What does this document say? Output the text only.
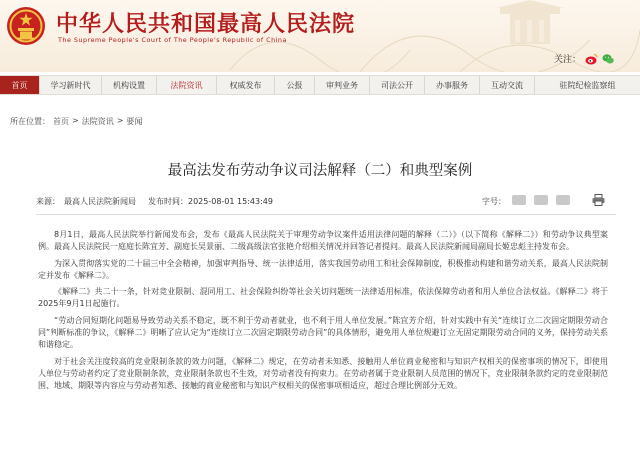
中华人民共和国最高人民法院
The Supreme People's Court of The People's Republic of China
关注：
首页	学习新时代	机构设置	法院资讯	权威发布	公报	审判业务	司法公开	办事服务	互动交流	驻院纪检监察组
所在位置： 首页 > 法院资讯 > 要闻
最高法发布劳动争议司法解释（二）和典型案例
来源：　最高人民法院新闻局 发布时间：2025-08-01 15:43:49	字号：

8月1日，最高人民法院举行新闻发布会，发布《最高人民法院关于审理劳动争议案件适用法律问题的解释（二）》（以下简称《解释二》）和劳动争议典型案例。最高人民法院民一庭庭长陈宜芳、副庭长吴景丽、二级高级法官张艳介绍相关情况并回答记者提问。最高人民法院新闻局副局长姬忠彪主持发布会。

为深入贯彻落实党的二十届三中全会精神，加强审判指导、统一法律适用，落实我国劳动用工和社会保障制度，积极推动构建和谐劳动关系，最高人民法院制定并发布《解释二》。

《解释二》共二十一条，针对竞业限制、混同用工、社会保险纠纷等社会关切问题统一法律适用标准，依法保障劳动者和用人单位合法权益。《解释二》将于2025年9月1日起施行。

“劳动合同短期化问题易导致劳动关系不稳定，既不利于劳动者就业，也不利于用人单位发展。”陈宜芳介绍，针对实践中有关“连续订立二次固定期限劳动合同”判断标准的争议，《解释二》明晰了应认定为“连续订立二次固定期限劳动合同”的具体情形，避免用人单位规避订立无固定期限劳动合同的义务，保持劳动关系和谐稳定。

对于社会关注度较高的竞业限制条款的效力问题，《解释二》规定，在劳动者未知悉、接触用人单位商业秘密和与知识产权相关的保密事项的情况下，即使用人单位与劳动者约定了竞业限制条款，竞业限制条款也不生效，对劳动者没有拘束力。在劳动者属于竞业限制人员范围的情况下，竞业限制条款约定的竞业限制范围、地域、期限等内容应与劳动者知悉、接触的商业秘密和与知识产权相关的保密事项相适应，超过合理比例部分无效。
